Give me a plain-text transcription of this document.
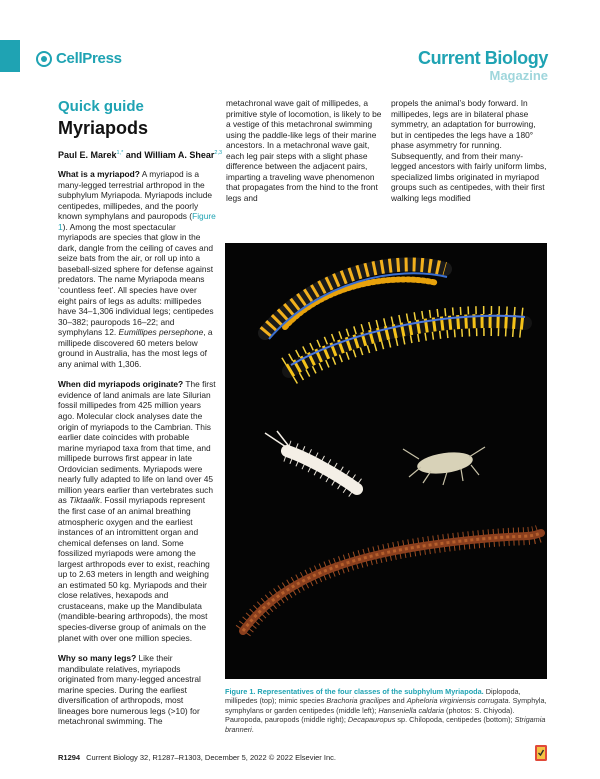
CellPress	Current Biology
Magazine
Quick guide
Myriapods
Paul E. Marek$^{1,*}$ and William A. Shear$^{2,3}$

What is a myriapod? A myriapod is a many-legged terrestrial arthropod in the subphylum Myriapoda. Myriapods include centipedes, millipedes, and the poorly known symphylans and pauropods (Figure 1). Among the most spectacular myriapods are species that glow in the dark, dangle from the ceiling of caves and seize bats from the air, or roll up into a baseball-sized sphere for defense against predators. The name Myriapoda means ‘countless feet’. All species have over eight pairs of legs as adults: millipedes have 34–1,306 individual legs; centipedes 30–382; pauropods 16–22; and symphylans 12. Eumillipes persephone, a millipede discovered 60 meters below ground in Australia, has the most legs of any animal with 1,306.

When did myriapods originate? The first evidence of land animals are late Silurian fossil millipedes from 425 million years ago. Molecular clock analyses date the origin of myriapods to the Cambrian. This earlier date coincides with probable marine myriapod taxa from that time, and millipede burrows first appear in late Ordovician sediments. Myriapods were nearly fully adapted to life on land over 45 million years earlier than vertebrates such as Tiktaalik. Fossil myriapods represent the first case of an animal breathing atmospheric oxygen and the earliest instances of an intromittent organ and chemical defenses on land. Some fossilized myriapods were among the largest arthropods ever to exist, reaching up to 2.63 meters in length and weighing an estimated 50 kg. Myriapods and their close relatives, hexapods and crustaceans, make up the Mandibulata (mandible-bearing arthropods), the most species-diverse group of animals on the planet with over one million species.

Why so many legs? Like their mandibulate relatives, myriapods originated from many-legged ancestral marine species. During the earliest diversification of arthropods, most lineages bore numerous legs (>10) for metachronal swimming. The

metachronal wave gait of millipedes, a primitive style of locomotion, is likely to be a vestige of this metachronal swimming using the paddle-like legs of their marine ancestors. In a metachronal wave gait, each leg pair steps with a slight phase difference between the adjacent pairs, imparting a traveling wave phenomenon that propagates from the hind to the front legs and

propels the animal’s body forward. In millipedes, legs are in bilateral phase symmetry, an adaptation for burrowing, but in centipedes the legs have a 180° phase asymmetry for running. Subsequently, and from their many-legged ancestors with fairly uniform limbs, specialized limbs originated in myriapod groups such as centipedes, with their first walking legs modified

Figure 1. Representatives of the four classes of the subphylum Myriapoda. Diplopoda, millipedes (top); mimic species Brachoria gracilipes and Apheloria virginiensis corrugata. Symphyla, symphylans or garden centipedes (middle left); Hanseniella caldaria (photos: S. Chiyoda). Pauropoda, pauropods (middle right); Decapauropus sp. Chilopoda, centipedes (bottom); Strigamia branneri.
R1294 Current Biology 32, R1287–R1303, December 5, 2022 © 2022 Elsevier Inc.
